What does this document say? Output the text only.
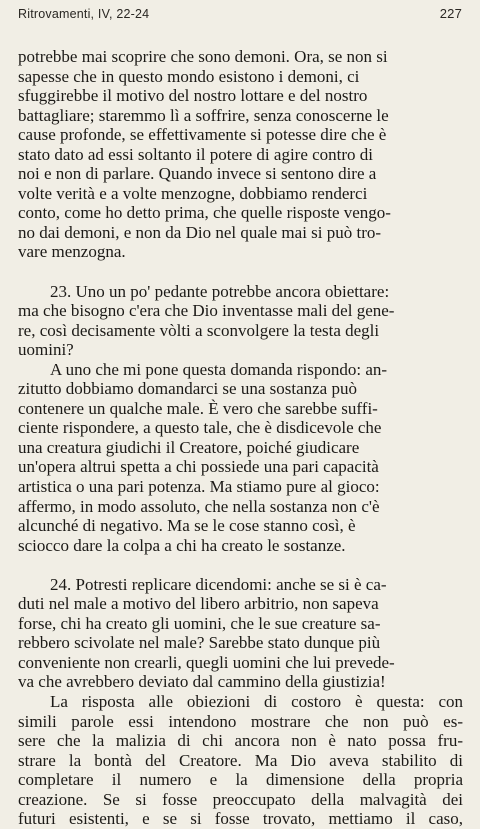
Ritrovamenti, IV, 22-24	227

potrebbe mai scoprire che sono demoni. Ora, se non si
sapesse che in questo mondo esistono i demoni, ci
sfuggirebbe il motivo del nostro lottare e del nostro
battagliare; staremmo lì a soffrire, senza conoscerne le
cause profonde, se effettivamente si potesse dire che è
stato dato ad essi soltanto il potere di agire contro di
noi e non di parlare. Quando invece si sentono dire a
volte verità e a volte menzogne, dobbiamo renderci
conto, come ho detto prima, che quelle risposte vengo-
no dai demoni, e non da Dio nel quale mai si può tro-
vare menzogna.

23. Uno un po' pedante potrebbe ancora obiettare:
ma che bisogno c'era che Dio inventasse mali del gene-
re, così decisamente vòlti a sconvolgere la testa degli
uomini?

A uno che mi pone questa domanda rispondo: an-
zitutto dobbiamo domandarci se una sostanza può
contenere un qualche male. È vero che sarebbe suffi-
ciente rispondere, a questo tale, che è disdicevole che
una creatura giudichi il Creatore, poiché giudicare
un'opera altrui spetta a chi possiede una pari capacità
artistica o una pari potenza. Ma stiamo pure al gioco:
affermo, in modo assoluto, che nella sostanza non c'è
alcunché di negativo. Ma se le cose stanno così, è
sciocco dare la colpa a chi ha creato le sostanze.

24. Potresti replicare dicendomi: anche se si è ca-
duti nel male a motivo del libero arbitrio, non sapeva
forse, chi ha creato gli uomini, che le sue creature sa-
rebbero scivolate nel male? Sarebbe stato dunque più
conveniente non crearli, quegli uomini che lui prevede-
va che avrebbero deviato dal cammino della giustizia!

La risposta alle obiezioni di costoro è questa: con
simili parole essi intendono mostrare che non può es-
sere che la malizia di chi ancora non è nato possa fru-
strare la bontà del Creatore. Ma Dio aveva stabilito di
completare il numero e la dimensione della propria
creazione. Se si fosse preoccupato della malvagità dei
futuri esistenti, e se si fosse trovato, mettiamo il caso,
